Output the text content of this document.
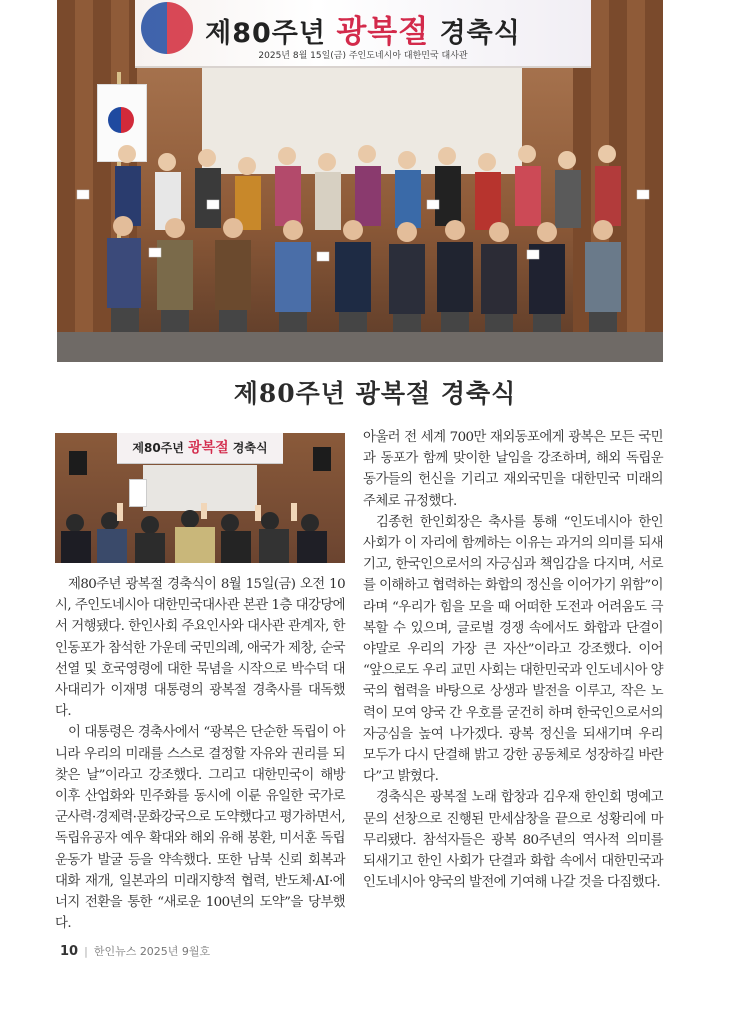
제80주년 광복절 경축식
2025년 8월 15일(금) 주인도네시아 대한민국 대사관
제80주년 광복절 경축식
제80주년 광복절 경축식

제80주년 광복절 경축식이 8월 15일(금) 오전 10시, 주인도네시아 대한민국대사관 본관 1층 대강당에서 거행됐다. 한인사회 주요인사와 대사관 관계자, 한인동포가 참석한 가운데 국민의례, 애국가 제창, 순국선열 및 호국영령에 대한 묵념을 시작으로 박수덕 대사대리가 이재명 대통령의 광복절 경축사를 대독했다.

이 대통령은 경축사에서 “광복은 단순한 독립이 아니라 우리의 미래를 스스로 결정할 자유와 권리를 되찾은 날”이라고 강조했다. 그리고 대한민국이 해방 이후 산업화와 민주화를 동시에 이룬 유일한 국가로 군사력·경제력·문화강국으로 도약했다고 평가하면서, 독립유공자 예우 확대와 해외 유해 봉환, 미서훈 독립운동가 발굴 등을 약속했다. 또한 남북 신뢰 회복과 대화 재개, 일본과의 미래지향적 협력, 반도체·AI·에너지 전환을 통한 “새로운 100년의 도약”을 당부했다.

아울러 전 세계 700만 재외동포에게 광복은 모든 국민과 동포가 함께 맞이한 날임을 강조하며, 해외 독립운동가들의 헌신을 기리고 재외국민을 대한민국 미래의 주체로 규정했다.

김종헌 한인회장은 축사를 통해 “인도네시아 한인 사회가 이 자리에 함께하는 이유는 과거의 의미를 되새기고, 한국인으로서의 자긍심과 책임감을 다지며, 서로를 이해하고 협력하는 화합의 정신을 이어가기 위함”이라며 “우리가 힘을 모을 때 어떠한 도전과 어려움도 극복할 수 있으며, 글로벌 경쟁 속에서도 화합과 단결이야말로 우리의 가장 큰 자산”이라고 강조했다. 이어 “앞으로도 우리 교민 사회는 대한민국과 인도네시아 양국의 협력을 바탕으로 상생과 발전을 이루고, 작은 노력이 모여 양국 간 우호를 굳건히 하며 한국인으로서의 자긍심을 높여 나가겠다. 광복 정신을 되새기며 우리 모두가 다시 단결해 밝고 강한 공동체로 성장하길 바란다”고 밝혔다.

경축식은 광복절 노래 합창과 김우재 한인회 명예고문의 선창으로 진행된 만세삼창을 끝으로 성황리에 마무리됐다. 참석자들은 광복 80주년의 역사적 의미를 되새기고 한인 사회가 단결과 화합 속에서 대한민국과 인도네시아 양국의 발전에 기여해 나갈 것을 다짐했다.

10 | 한인뉴스 2025년 9월호
